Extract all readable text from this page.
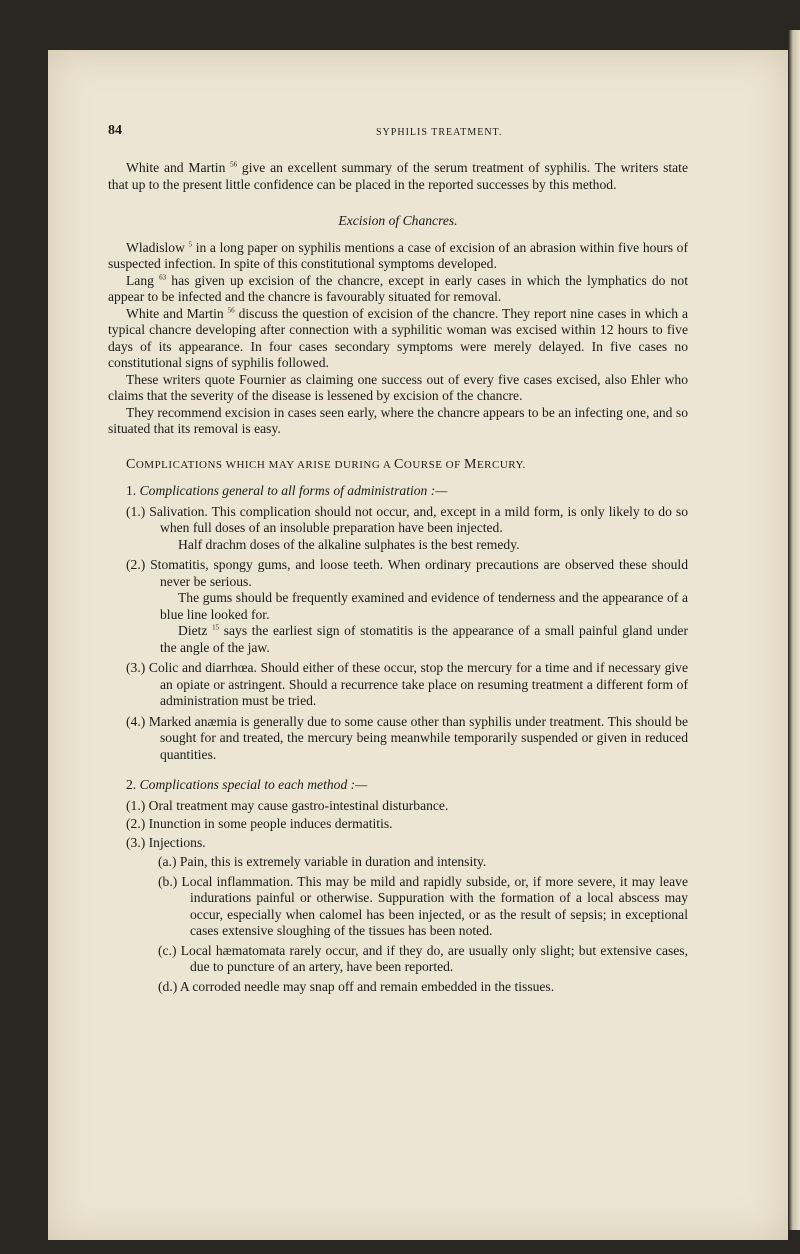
84	SYPHILIS TREATMENT.

White and Martin $^{56}$ give an excellent summary of the serum treatment of syphilis. The writers state that up to the present little confidence can be placed in the reported successes by this method.

Excision of Chancres.

Wladislow $^5$ in a long paper on syphilis mentions a case of excision of an abrasion within five hours of suspected infection. In spite of this constitutional symptoms developed.

Lang $^{63}$ has given up excision of the chancre, except in early cases in which the lymphatics do not appear to be infected and the chancre is favourably situated for removal.

White and Martin $^{56}$ discuss the question of excision of the chancre. They report nine cases in which a typical chancre developing after connection with a syphilitic woman was excised within 12 hours to five days of its appearance. In four cases secondary symptoms were merely delayed. In five cases no constitutional signs of syphilis followed.

These writers quote Fournier as claiming one success out of every five cases excised, also Ehler who claims that the severity of the disease is lessened by excision of the chancre.

They recommend excision in cases seen early, where the chancre appears to be an infecting one, and so situated that its removal is easy.

COMPLICATIONS WHICH MAY ARISE DURING A COURSE OF MERCURY.

1. Complications general to all forms of administration :—

(1.) Salivation. This complication should not occur, and, except in a mild form, is only likely to do so when full doses of an insoluble preparation have been injected.

Half drachm doses of the alkaline sulphates is the best remedy.

(2.) Stomatitis, spongy gums, and loose teeth. When ordinary precautions are observed these should never be serious.

The gums should be frequently examined and evidence of tenderness and the appearance of a blue line looked for.

Dietz $^{15}$ says the earliest sign of stomatitis is the appearance of a small painful gland under the angle of the jaw.

(3.) Colic and diarrhœa. Should either of these occur, stop the mercury for a time and if necessary give an opiate or astringent. Should a recurrence take place on resuming treatment a different form of administration must be tried.

(4.) Marked anæmia is generally due to some cause other than syphilis under treatment. This should be sought for and treated, the mercury being meanwhile temporarily suspended or given in reduced quantities.

2. Complications special to each method :—

(1.) Oral treatment may cause gastro-intestinal disturbance.

(2.) Inunction in some people induces dermatitis.

(3.) Injections.

(a.) Pain, this is extremely variable in duration and intensity.

(b.) Local inflammation. This may be mild and rapidly subside, or, if more severe, it may leave indurations painful or otherwise. Suppuration with the formation of a local abscess may occur, especially when calomel has been injected, or as the result of sepsis; in exceptional cases extensive sloughing of the tissues has been noted.

(c.) Local hæmatomata rarely occur, and if they do, are usually only slight; but extensive cases, due to puncture of an artery, have been reported.

(d.) A corroded needle may snap off and remain embedded in the tissues.
